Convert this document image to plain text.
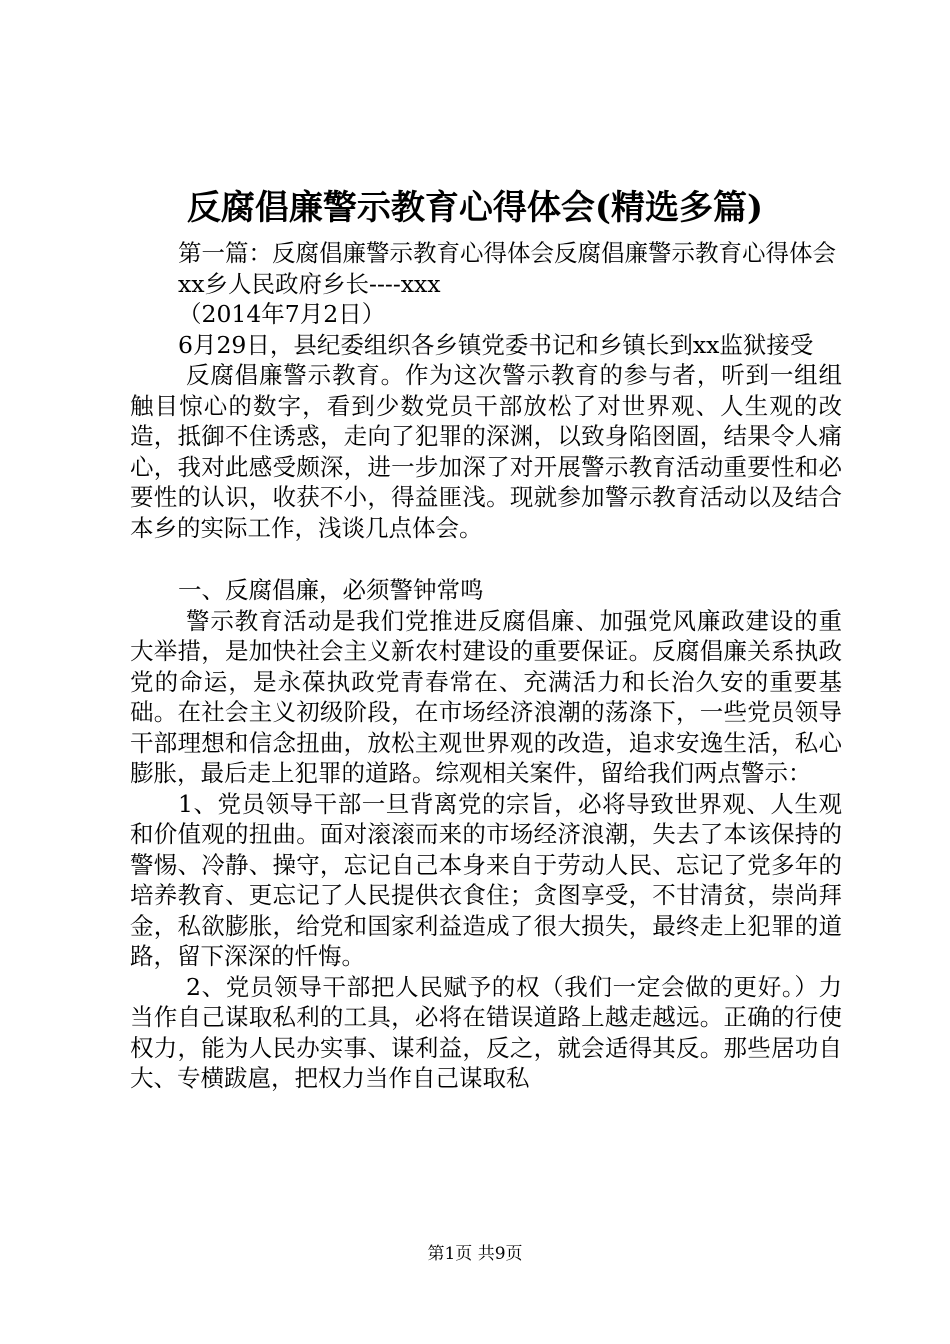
反腐倡廉警示教育心得体会(精选多篇)

第一篇：反腐倡廉警示教育心得体会反腐倡廉警示教育心得体会

xx乡人民政府乡长----xxx

（2014年7月2日）

6月29日，县纪委组织各乡镇党委书记和乡镇长到xx监狱接受

反腐倡廉警示教育。作为这次警示教育的参与者，听到一组组触目惊心的数字，看到少数党员干部放松了对世界观、人生观的改造，抵御不住诱惑，走向了犯罪的深渊，以致身陷囹圄，结果令人痛心，我对此感受颇深，进一步加深了对开展警示教育活动重要性和必要性的认识，收获不小，得益匪浅。现就参加警示教育活动以及结合本乡的实际工作，浅谈几点体会。

一、反腐倡廉，必须警钟常鸣

警示教育活动是我们党推进反腐倡廉、加强党风廉政建设的重大举措，是加快社会主义新农村建设的重要保证。反腐倡廉关系执政党的命运，是永葆执政党青春常在、充满活力和长治久安的重要基础。在社会主义初级阶段，在市场经济浪潮的荡涤下，一些党员领导干部理想和信念扭曲，放松主观世界观的改造，追求安逸生活，私心膨胀，最后走上犯罪的道路。综观相关案件，留给我们两点警示：

1、党员领导干部一旦背离党的宗旨，必将导致世界观、人生观和价值观的扭曲。面对滚滚而来的市场经济浪潮，失去了本该保持的警惕、冷静、操守，忘记自己本身来自于劳动人民、忘记了党多年的培养教育、更忘记了人民提供衣食住；贪图享受，不甘清贫，崇尚拜金，私欲膨胀，给党和国家利益造成了很大损失，最终走上犯罪的道路，留下深深的忏悔。

2、党员领导干部把人民赋予的权（我们一定会做的更好。）力当作自己谋取私利的工具，必将在错误道路上越走越远。正确的行使权力，能为人民办实事、谋利益，反之，就会适得其反。那些居功自大、专横跋扈，把权力当作自己谋取私

第1页 共9页
